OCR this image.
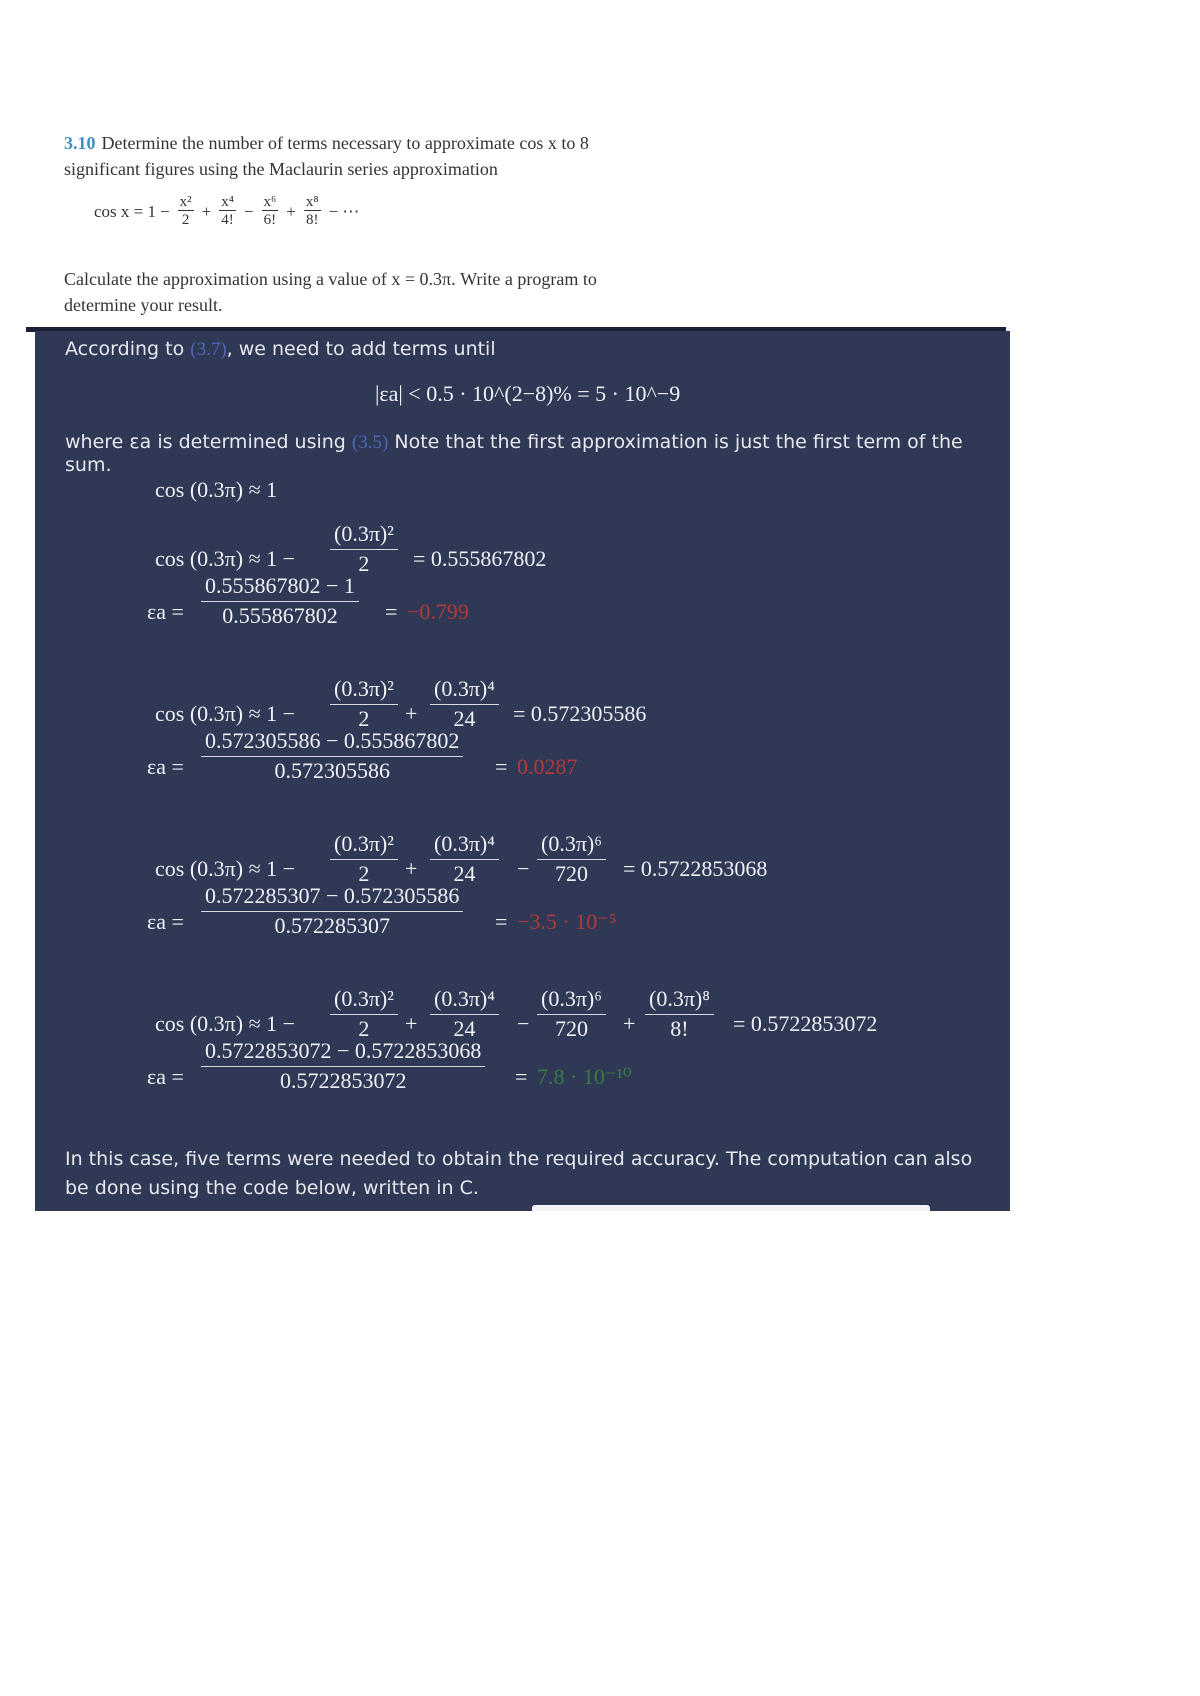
3.10 Determine the number of terms necessary to approximate cos x to 8 significant figures using the Maclaurin series approximation
$\cos x = 1 - \frac{\text{x²}}{2} + \frac{\text{x⁴}}{4!} - \frac{\text{x⁶}}{6!} + \frac{\text{x⁸}}{8!}$ − ⋯
Calculate the approximation using a value of x = 0.3π. Write a program to determine your result.
According to (3.7), we need to add terms until
|εa| < 0.5 · 10^(2−8)% = 5 · 10^−9
where εa is determined using (3.5) Note that the first approximation is just the first term of the sum.
cos (0.3π) ≈ 1
cos (0.3π) ≈ 1 −
(0.3π)²
2 = 0.555867802
εa =
0.555867802 − 1
0.555867802 = −0.799
cos (0.3π) ≈ 1 −
(0.3π)²
2 +
(0.3π)⁴
24 = 0.572305586
εa =
0.572305586 − 0.555867802
0.572305586	= 0.0287
cos (0.3π) ≈ 1 −
(0.3π)²
2 +
(0.3π)⁴
24 −
(0.3π)⁶
720 = 0.5722853068
εa =
0.572285307 − 0.572305586
0.572285307	= −3.5 · 10⁻⁵
cos (0.3π) ≈ 1 −
(0.3π)²
2 +
(0.3π)⁴
24 −
(0.3π)⁶
720 +
(0.3π)⁸
8! = 0.5722853072
εa =
0.5722853072 − 0.5722853068
0.5722853072	= 7.8 · 10⁻¹⁰
In this case, five terms were needed to obtain the required accuracy. The computation can also be done using the code below, written in C.
